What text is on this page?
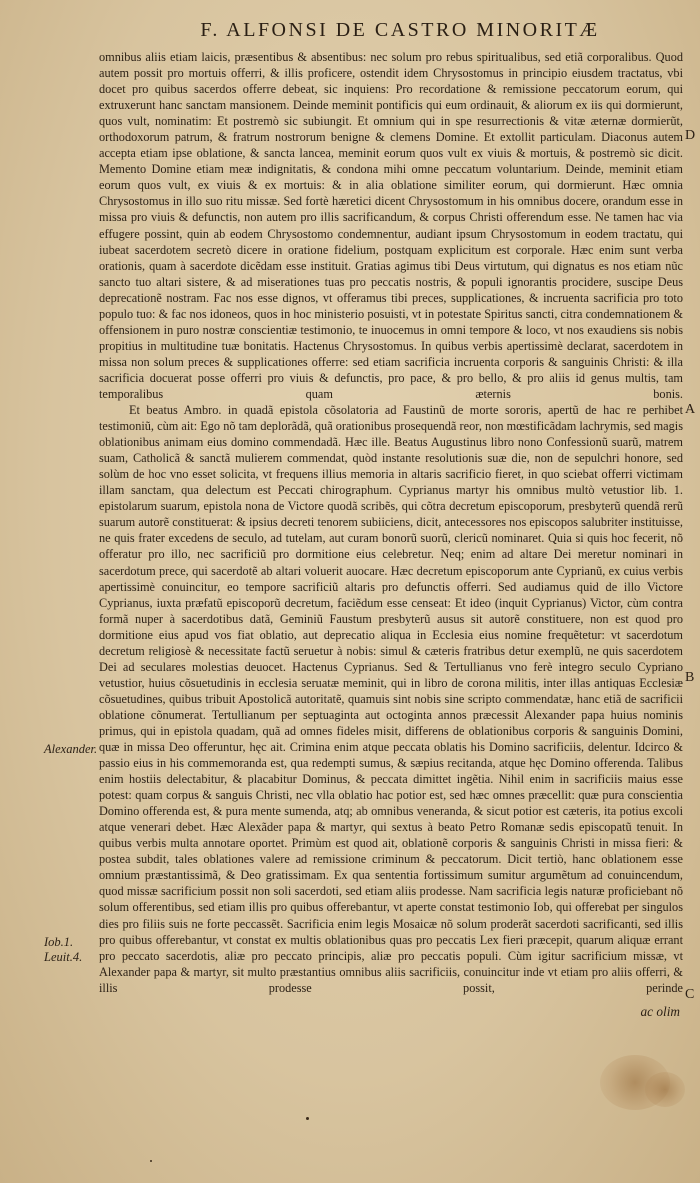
F. ALFONSI DE CASTRO MINORITÆ

omnibus aliis etiam laicis, præsentibus & absentibus: nec solum pro rebus spiritualibus, sed etiã corporalibus. Quod autem possit pro mortuis offerri, & illis proficere, ostendit idem Chrysostomus in principio eiusdem tractatus, vbi docet pro quibus sacerdos offerre debeat, sic inquiens: Pro recordatione & remissione peccatorum eorum, qui extruxerunt hanc sanctam mansionem. Deinde meminit pontificis qui eum ordinauit, & aliorum ex iis qui dormierunt, quos vult, nominatim: Et postremò sic subiungit. Et omnium qui in spe resurrectionis & vitæ æternæ dormierũt, orthodoxorum patrum, & fratrum nostrorum benigne & clemens Domine. Et extollit particulam. Diaconus autem accepta etiam ipse oblatione, & sancta lancea, meminit eorum quos vult ex viuis & mortuis, & postremò sic dicit. Memento Domine etiam meæ indignitatis, & condona mihi omne peccatum voluntarium. Deinde, meminit etiam eorum quos vult, ex viuis & ex mortuis: & in alia oblatione similiter eorum, qui dormierunt. Hæc omnia Chrysostomus in illo suo ritu missæ. Sed fortè hæretici dicent Chrysostomum in his omnibus docere, orandum esse in missa pro viuis & defunctis, non autem pro illis sacrificandum, & corpus Christi offerendum esse. Ne tamen hac via effugere possint, quin ab eodem Chrysostomo condemnentur, audiant ipsum Chrysostomum in eodem tractatu, qui iubeat sacerdotem secretò dicere in oratione fidelium, postquam explicitum est corporale. Hæc enim sunt verba orationis, quam à sacerdote dicẽdam esse instituit. Gratias agimus tibi Deus virtutum, qui dignatus es nos etiam nũc sancto tuo altari sistere, & ad miserationes tuas pro peccatis nostris, & populi ignorantis procidere, suscipe Deus deprecationẽ nostram. Fac nos esse dignos, vt offeramus tibi preces, supplicationes, & incruenta sacrificia pro toto populo tuo: & fac nos idoneos, quos in hoc ministerio posuisti, vt in potestate Spiritus sancti, citra condemnationem & offensionem in puro nostræ conscientiæ testimonio, te inuocemus in omni tempore & loco, vt nos exaudiens sis nobis propitius in multitudine tuæ bonitatis. Hactenus Chrysostomus. In quibus verbis apertissimè declarat, sacerdotem in missa non solum preces & supplicationes offerre: sed etiam sacrificia incruenta corporis & sanguinis Christi: & illa sacrificia docuerat posse offerri pro viuis & defunctis, pro pace, & pro bello, & pro aliis id genus multis, tam temporalibus quam æternis bonis.

Et beatus Ambro. in quadã epistola cõsolatoria ad Faustinũ de morte sororis, apertũ de hac re perhibet testimoniũ, cùm ait: Ego nõ tam deplorãdã, quã orationibus prosequendã reor, non mœstificãdam lachrymis, sed magis oblationibus animam eius domino commendadã. Hæc ille. Beatus Augustinus libro nono Confessionũ suarũ, matrem suam, Catholicã & sanctã mulierem commendat, quòd instante resolutionis suæ die, non de sepulchri honore, sed solùm de hoc vno esset solicita, vt frequens illius memoria in altaris sacrificio fieret, in quo sciebat offerri victimam illam sanctam, qua delectum est Peccati chirographum. Cyprianus martyr his omnibus multò vetustior lib. 1. epistolarum suarum, epistola nona de Victore quodã scribẽs, qui cõtra decretum episcoporum, presbyterũ quendã rerũ suarum autorẽ constituerat: & ipsius decreti tenorem subiiciens, dicit, antecessores nos episcopos salubriter instituisse, ne quis frater excedens de seculo, ad tutelam, aut curam bonorũ suorũ, clericũ nominaret. Quia si quis hoc fecerit, nõ offeratur pro illo, nec sacrificiũ pro dormitione eius celebretur. Neq; enim ad altare Dei meretur nominari in sacerdotum prece, qui sacerdotẽ ab altari voluerit auocare. Hæc decretum episcoporum ante Cyprianũ, ex cuius verbis apertissimè conuincitur, eo tempore sacrificiũ altaris pro defunctis offerri. Sed audiamus quid de illo Victore Cyprianus, iuxta præfatũ episcoporũ decretum, faciẽdum esse censeat: Et ideo (inquit Cyprianus) Victor, cùm contra formã nuper à sacerdotibus datã, Geminiũ Faustum presbyterũ ausus sit autorẽ constituere, non est quod pro dormitione eius apud vos fiat oblatio, aut deprecatio aliqua in Ecclesia eius nomine frequẽtetur: vt sacerdotum decretum religiosè & necessitate factũ seruetur à nobis: simul & cæteris fratribus detur exemplũ, ne quis sacerdotem Dei ad seculares molestias deuocet. Hactenus Cyprianus. Sed & Tertullianus vno ferè integro seculo Cypriano vetustior, huius cõsuetudinis in ecclesia seruatæ meminit, qui in libro de corona militis, inter illas antiquas Ecclesiæ cõsuetudines, quibus tribuit Apostolicã autoritatẽ, quamuis sint nobis sine scripto commendatæ, hanc etiã de sacrificii oblatione cõnumerat. Tertullianum per septuaginta aut octoginta annos præcessit Alexander papa huius nominis primus, qui in epistola quadam, quã ad omnes fideles misit, differens de oblationibus corporis & sanguinis Domini, quæ in missa Deo offeruntur, hęc ait. Crimina enim atque peccata oblatis his Domino sacrificiis, delentur. Idcirco & passio eius in his commemoranda est, qua redempti sumus, & sæpius recitanda, atque hęc Domino offerenda. Talibus enim hostiis delectabitur, & placabitur Dominus, & peccata dimittet ingẽtia. Nihil enim in sacrificiis maius esse potest: quam corpus & sanguis Christi, nec vlla oblatio hac potior est, sed hæc omnes præcellit: quæ pura conscientia Domino offerenda est, & pura mente sumenda, atq; ab omnibus veneranda, & sicut potior est cæteris, ita potius excoli atque venerari debet. Hæc Alexãder papa & martyr, qui sextus à beato Petro Romanæ sedis episcopatũ tenuit. In quibus verbis multa annotare oportet. Primùm est quod ait, oblationẽ corporis & sanguinis Christi in missa fieri: & postea subdit, tales oblationes valere ad remissione criminum & peccatorum. Dicit tertiò, hanc oblationem esse omnium præstantissimã, & Deo gratissimam. Ex qua sententia fortissimum sumitur argumẽtum ad conuincendum, quod missæ sacrificium possit non soli sacerdoti, sed etiam aliis prodesse. Nam sacrificia legis naturæ proficiebant nõ solum offerentibus, sed etiam illis pro quibus offerebantur, vt aperte constat testimonio Iob, qui offerebat per singulos dies pro filiis suis ne forte peccassẽt. Sacrificia enim legis Mosaicæ nõ solum proderãt sacerdoti sacrificanti, sed illis pro quibus offerebantur, vt constat ex multis oblationibus quas pro peccatis Lex fieri præcepit, quarum aliquæ errant pro peccato sacerdotis, aliæ pro peccato principis, aliæ pro peccatis populi. Cùm igitur sacrificium missæ, vt Alexander papa & martyr, sit multo præstantius omnibus aliis sacrificiis, conuincitur inde vt etiam pro aliis offerri, & illis prodesse possit, perinde

ac olim
D
A
B
C
Alexander.
Iob.1. Leuit.4.
